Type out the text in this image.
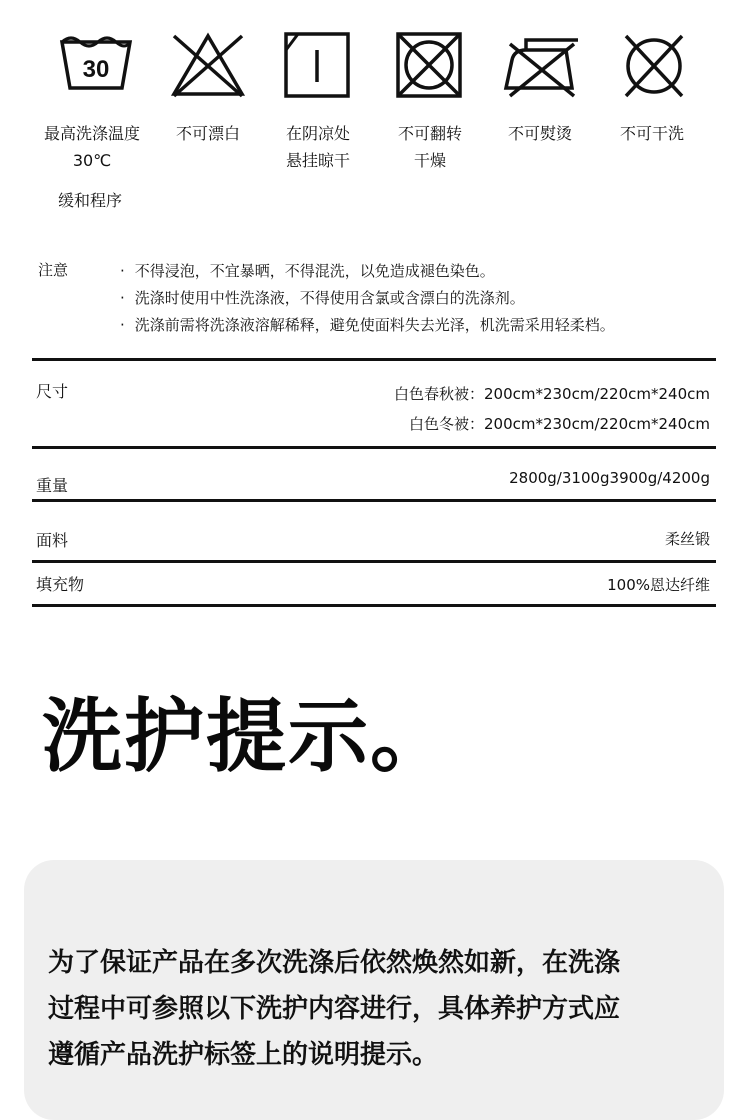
30
最高洗涤温度
30℃
不可漂白	在阴凉处
悬挂晾干
不可翻转
干燥
不可熨烫	不可干洗
缓和程序
注意
·	不得浸泡，不宜暴晒，不得混洗，以免造成褪色染色。
· 洗涤时使用中性洗涤液，不得使用含氯或含漂白的洗涤剂。
· 洗涤前需将洗涤液溶解稀释，避免使面料失去光泽，机洗需采用轻柔档。
尺寸	白色春秋被：200cm*230cm/220cm*240cm
白色冬被：200cm*230cm/220cm*240cm
重量	2800g/3100g3900g/4200g
面料	柔丝锻
填充物	100%恩达纤维
洗护提示。
为了保证产品在多次洗涤后依然焕然如新，在洗涤
过程中可参照以下洗护内容进行，具体养护方式应
遵循产品洗护标签上的说明提示。
